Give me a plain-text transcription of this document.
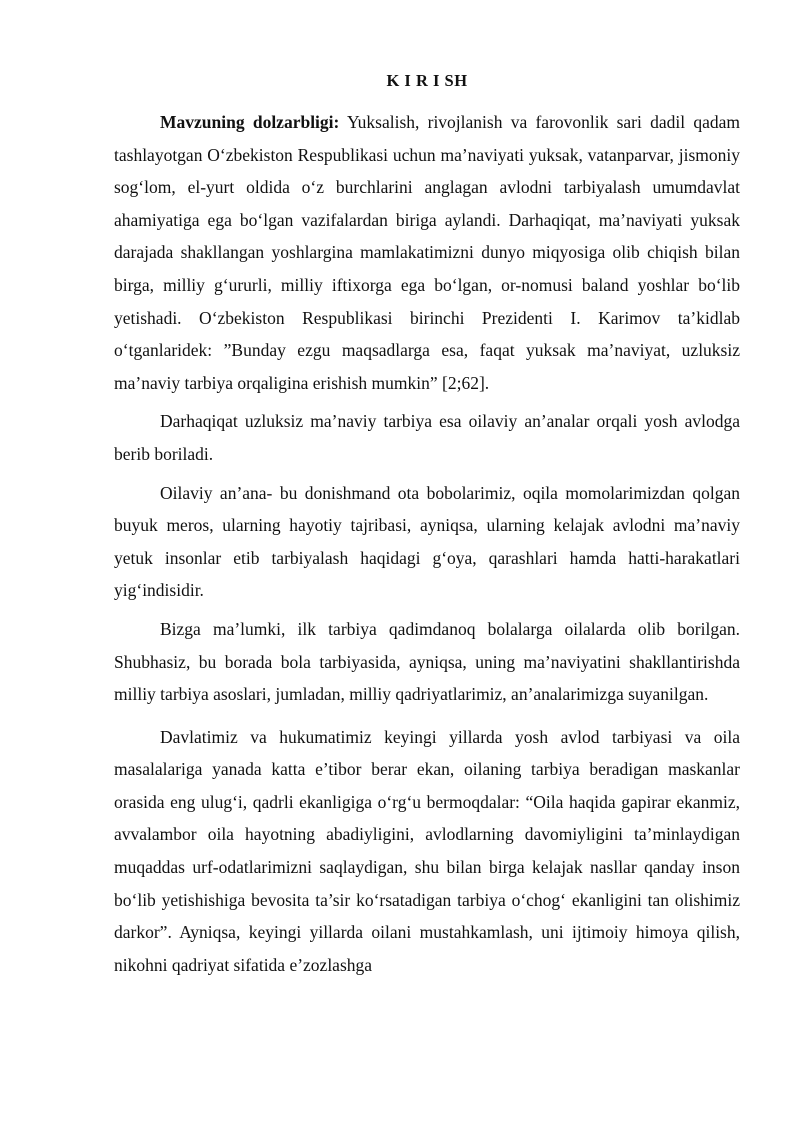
K I R I SH

Mavzuning dolzarbligi: Yuksalish, rivojlanish va farovonlik sari dadil qadam tashlayotgan O‘zbekiston Respublikasi uchun ma’naviyati yuksak, vatanparvar, jismoniy sog‘lom, el-yurt oldida o‘z burchlarini anglagan avlodni tarbiyalash umumdavlat ahamiyatiga ega bo‘lgan vazifalardan biriga aylandi. Darhaqiqat, ma’naviyati yuksak darajada shakllangan yoshlargina mamlakatimizni dunyo miqyosiga olib chiqish bilan birga, milliy g‘ururli, milliy iftixorga ega bo‘lgan, or-nomusi baland yoshlar bo‘lib yetishadi. O‘zbekiston Respublikasi birinchi Prezidenti I. Karimov ta’kidlab o‘tganlaridek: ”Bunday ezgu maqsadlarga esa, faqat yuksak ma’naviyat, uzluksiz ma’naviy tarbiya orqaligina erishish mumkin” [2;62].

Darhaqiqat uzluksiz ma’naviy tarbiya esa oilaviy an’analar orqali yosh avlodga berib boriladi.

Oilaviy an’ana- bu donishmand ota bobolarimiz, oqila momolarimizdan qolgan buyuk meros, ularning hayotiy tajribasi, ayniqsa, ularning kelajak avlodni ma’naviy yetuk insonlar etib tarbiyalash haqidagi g‘oya, qarashlari hamda hatti-harakatlari yig‘indisidir.

Bizga ma’lumki, ilk tarbiya qadimdanoq bolalarga oilalarda olib borilgan. Shubhasiz, bu borada bola tarbiyasida, ayniqsa, uning ma’naviyatini shakllantirishda milliy tarbiya asoslari, jumladan, milliy qadriyatlarimiz, an’analarimizga suyanilgan.

Davlatimiz va hukumatimiz keyingi yillarda yosh avlod tarbiyasi va oila masalalariga yanada katta e’tibor berar ekan, oilaning tarbiya beradigan maskanlar orasida eng ulug‘i, qadrli ekanligiga o‘rg‘u bermoqdalar: “Oila haqida gapirar ekanmiz, avvalambor oila hayotning abadiyligini, avlodlarning davomiyligini ta’minlaydigan muqaddas urf-odatlarimizni saqlaydigan, shu bilan birga kelajak nasllar qanday inson bo‘lib yetishishiga bevosita ta’sir ko‘rsatadigan tarbiya o‘chog‘ ekanligini tan olishimiz darkor”. Ayniqsa, keyingi yillarda oilani mustahkamlash, uni ijtimoiy himoya qilish, nikohni qadriyat sifatida e’zozlashga
